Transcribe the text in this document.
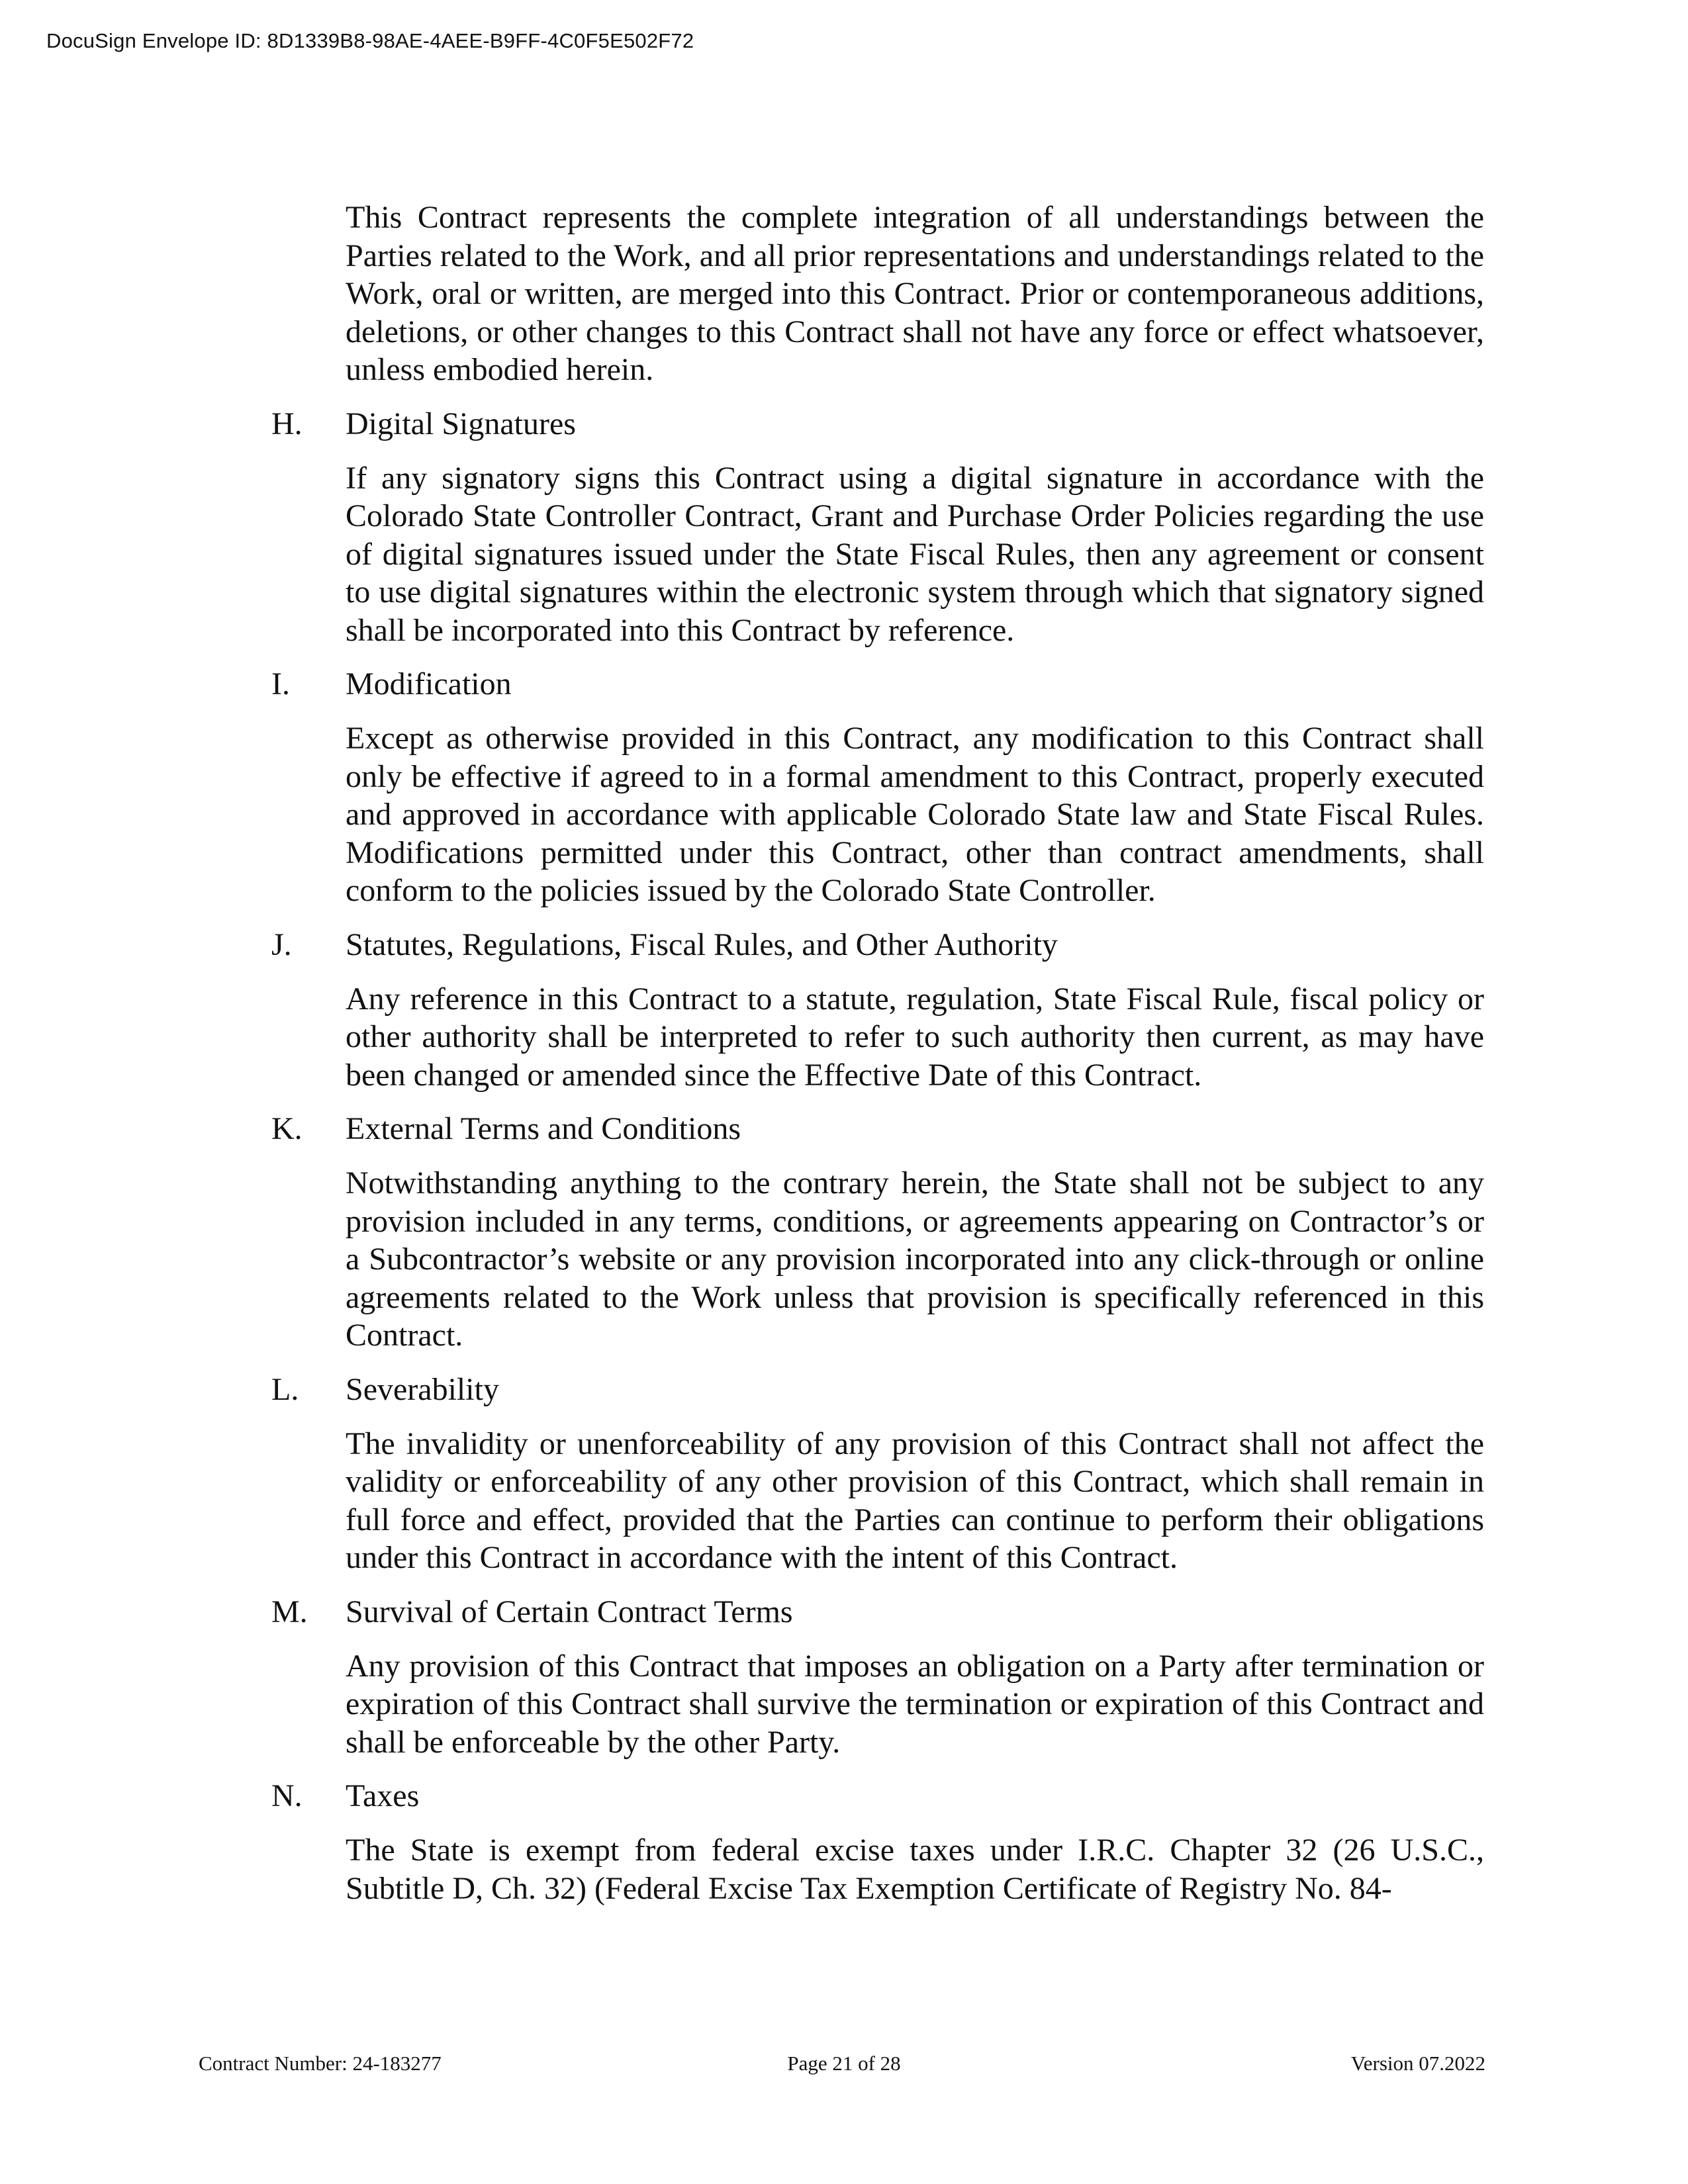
DocuSign Envelope ID: 8D1339B8-98AE-4AEE-B9FF-4C0F5E502F72

This Contract represents the complete integration of all understandings between the Parties related to the Work, and all prior representations and understandings related to the Work, oral or written, are merged into this Contract. Prior or contemporaneous additions, deletions, or other changes to this Contract shall not have any force or effect whatsoever, unless embodied herein.

H. Digital Signatures

If any signatory signs this Contract using a digital signature in accordance with the Colorado State Controller Contract, Grant and Purchase Order Policies regarding the use of digital signatures issued under the State Fiscal Rules, then any agreement or consent to use digital signatures within the electronic system through which that signatory signed shall be incorporated into this Contract by reference.

I. Modification

Except as otherwise provided in this Contract, any modification to this Contract shall only be effective if agreed to in a formal amendment to this Contract, properly executed and approved in accordance with applicable Colorado State law and State Fiscal Rules. Modifications permitted under this Contract, other than contract amendments, shall conform to the policies issued by the Colorado State Controller.

J. Statutes, Regulations, Fiscal Rules, and Other Authority

Any reference in this Contract to a statute, regulation, State Fiscal Rule, fiscal policy or other authority shall be interpreted to refer to such authority then current, as may have been changed or amended since the Effective Date of this Contract.

K. External Terms and Conditions

Notwithstanding anything to the contrary herein, the State shall not be subject to any provision included in any terms, conditions, or agreements appearing on Contractor’s or a Subcontractor’s website or any provision incorporated into any click-through or online agreements related to the Work unless that provision is specifically referenced in this Contract.

L. Severability

The invalidity or unenforceability of any provision of this Contract shall not affect the validity or enforceability of any other provision of this Contract, which shall remain in full force and effect, provided that the Parties can continue to perform their obligations under this Contract in accordance with the intent of this Contract.

M. Survival of Certain Contract Terms

Any provision of this Contract that imposes an obligation on a Party after termination or expiration of this Contract shall survive the termination or expiration of this Contract and shall be enforceable by the other Party.

N. Taxes

The State is exempt from federal excise taxes under I.R.C. Chapter 32 (26 U.S.C., Subtitle D, Ch. 32) (Federal Excise Tax Exemption Certificate of Registry No. 84-

Contract Number: 24-183277	Page 21 of 28	Version 07.2022
